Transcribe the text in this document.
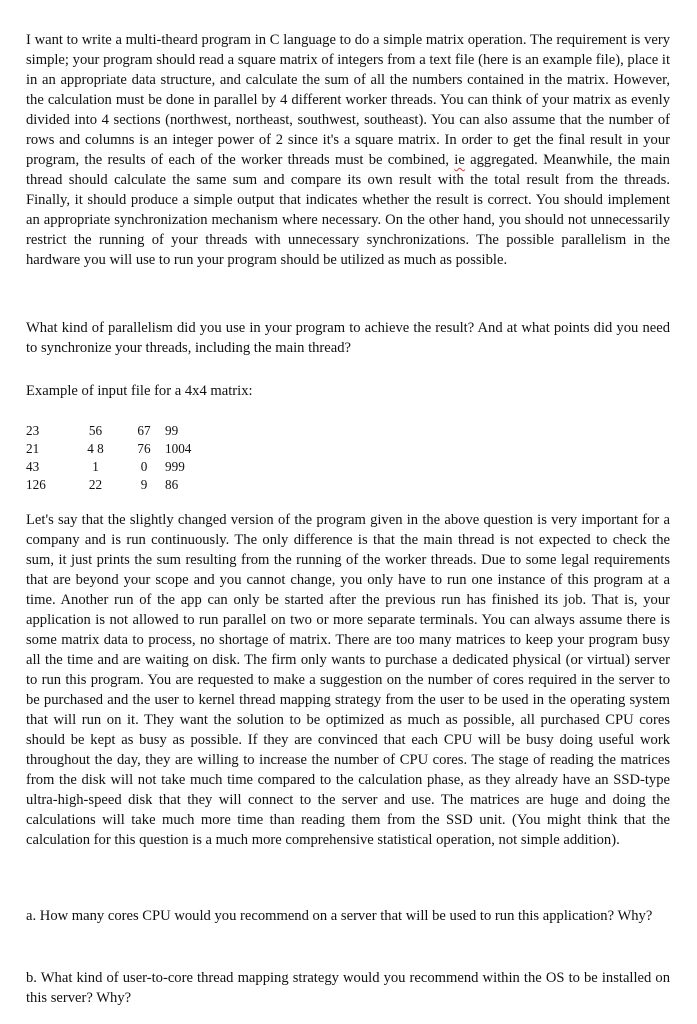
I want to write a multi-theard program in C language to do a simple matrix operation. The requirement is very simple; your program should read a square matrix of integers from a text file (here is an example file), place it in an appropriate data structure, and calculate the sum of all the numbers contained in the matrix. However, the calculation must be done in parallel by 4 different worker threads. You can think of your matrix as evenly divided into 4 sections (northwest, northeast, southwest, southeast). You can also assume that the number of rows and columns is an integer power of 2 since it's a square matrix. In order to get the final result in your program, the results of each of the worker threads must be combined, ie aggregated. Meanwhile, the main thread should calculate the same sum and compare its own result with the total result from the threads. Finally, it should produce a simple output that indicates whether the result is correct. You should implement an appropriate synchronization mechanism where necessary. On the other hand, you should not unnecessarily restrict the running of your threads with unnecessary synchronizations. The possible parallelism in the hardware you will use to run your program should be utilized as much as possible.

What kind of parallelism did you use in your program to achieve the result? And at what points did you need to synchronize your threads, including the main thread?

Example of input file for a 4x4 matrix:

23	56	67	99
21	4 8	76	1004
43	1	0	999
126	22	9	86

Let's say that the slightly changed version of the program given in the above question is very important for a company and is run continuously. The only difference is that the main thread is not expected to check the sum, it just prints the sum resulting from the running of the worker threads. Due to some legal requirements that are beyond your scope and you cannot change, you only have to run one instance of this program at a time. Another run of the app can only be started after the previous run has finished its job. That is, your application is not allowed to run parallel on two or more separate terminals. You can always assume there is some matrix data to process, no shortage of matrix. There are too many matrices to keep your program busy all the time and are waiting on disk. The firm only wants to purchase a dedicated physical (or virtual) server to run this program. You are requested to make a suggestion on the number of cores required in the server to be purchased and the user to kernel thread mapping strategy from the user to be used in the operating system that will run on it. They want the solution to be optimized as much as possible, all purchased CPU cores should be kept as busy as possible. If they are convinced that each CPU will be busy doing useful work throughout the day, they are willing to increase the number of CPU cores. The stage of reading the matrices from the disk will not take much time compared to the calculation phase, as they already have an SSD-type ultra-high-speed disk that they will connect to the server and use. The matrices are huge and doing the calculations will take much more time than reading them from the SSD unit. (You might think that the calculation for this question is a much more comprehensive statistical operation, not simple addition).

a. How many cores CPU would you recommend on a server that will be used to run this application? Why?

b. What kind of user-to-core thread mapping strategy would you recommend within the OS to be installed on this server? Why?
